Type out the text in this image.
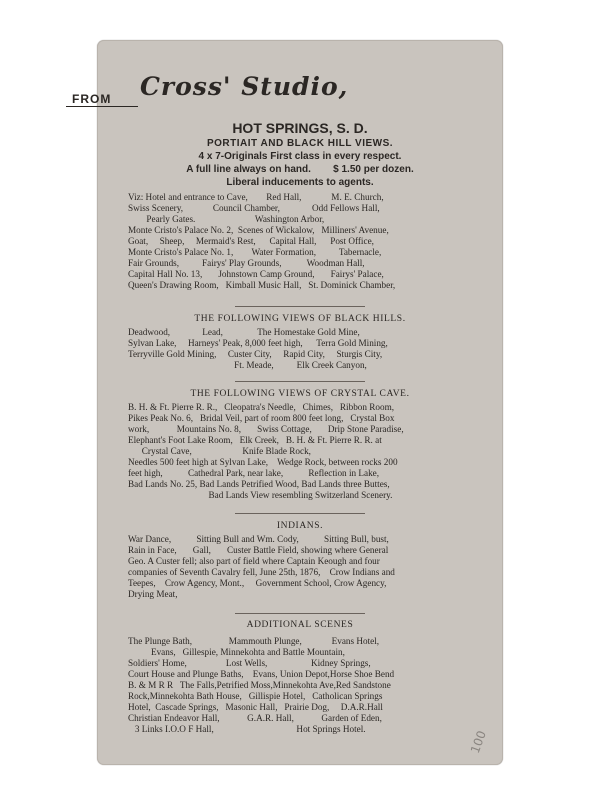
FROM Cross' Studio,
HOT SPRINGS, S. D.
PORTIAIT AND BLACK HILL VIEWS.
4 x 7-Originals First class in every respect.
A full line always on hand.        $ 1.50 per dozen.
Liberal inducements to agents.
Viz: Hotel and entrance to Cave,        Red Hall,             M. E. Church,
Swiss Scenery,             Council Chamber,              Odd Fellows Hall,
Pearly Gates.                          Washington Arbor,
Monte Cristo's Palace No. 2,  Scenes of Wickalow,   Milliners' Avenue,
Goat,     Sheep,     Mermaid's Rest,      Capital Hall,      Post Office,
Monte Cristo's Palace No. 1,        Water Formation,          Tabernacle,
Fair Grounds,          Fairys' Play Grounds,           Woodman Hall,
Capital Hall No. 13,       Johnstown Camp Ground,       Fairys' Palace,
Queen's Drawing Room,   Kimball Music Hall,   St. Dominick Chamber,
THE FOLLOWING VIEWS OF BLACK HILLS.
Deadwood,              Lead,               The Homestake Gold Mine,
Sylvan Lake,     Harneys' Peak, 8,000 feet high,      Terra Gold Mining,
Terryville Gold Mining,     Custer City,     Rapid City,     Sturgis City,
Ft. Meade,          Elk Creek Canyon,
THE FOLLOWING VIEWS OF CRYSTAL CAVE.
B. H. & Ft. Pierre R. R.,   Cleopatra's Needle,   Chimes,   Ribbon Room,
Pikes Peak No. 6,   Bridal Veil, part of room 800 feet long,   Crystal Box
work,            Mountains No. 8,       Swiss Cottage,       Drip Stone Paradise,
Elephant's Foot Lake Room,   Elk Creek,   B. H. & Ft. Pierre R. R. at
Crystal Cave,                      Knife Blade Rock,
Needles 500 feet high at Sylvan Lake,    Wedge Rock, between rocks 200
feet high,           Cathedral Park, near lake,           Reflection in Lake,
Bad Lands No. 25, Bad Lands Petrified Wood, Bad Lands three Buttes,
Bad Lands View resembling Switzerland Scenery.
INDIANS.
War Dance,           Sitting Bull and Wm. Cody,           Sitting Bull, bust,
Rain in Face,       Gall,       Custer Battle Field, showing where General
Geo. A Custer fell; also part of field where Captain Keough and four
companies of Seventh Cavalry fell, June 25th, 1876,    Crow Indians and
Teepes,    Crow Agency, Mont.,     Government School, Crow Agency,
Drying Meat,
ADDITIONAL SCENES
The Plunge Bath,                Mammouth Plunge,             Evans Hotel,
Evans,   Gillespie, Minnekohta and Battle Mountain,
Soldiers' Home,                 Lost Wells,                   Kidney Springs,
Court House and Plunge Baths,    Evans, Union Depot,Horse Shoe Bend
B. & M R R   The Falls,Petrified Moss,Minnekohta Ave,Red Sandstone
Rock,Minnekohta Bath House,   Gillispie Hotel,   Catholican Springs
Hotel,  Cascade Springs,   Masonic Hall,   Prairie Dog,     D.A.R.Hall
Christian Endeavor Hall,            G.A.R. Hall,            Garden of Eden,
3 Links I.O.O F Hall,                                    Hot Springs Hotel.	100
